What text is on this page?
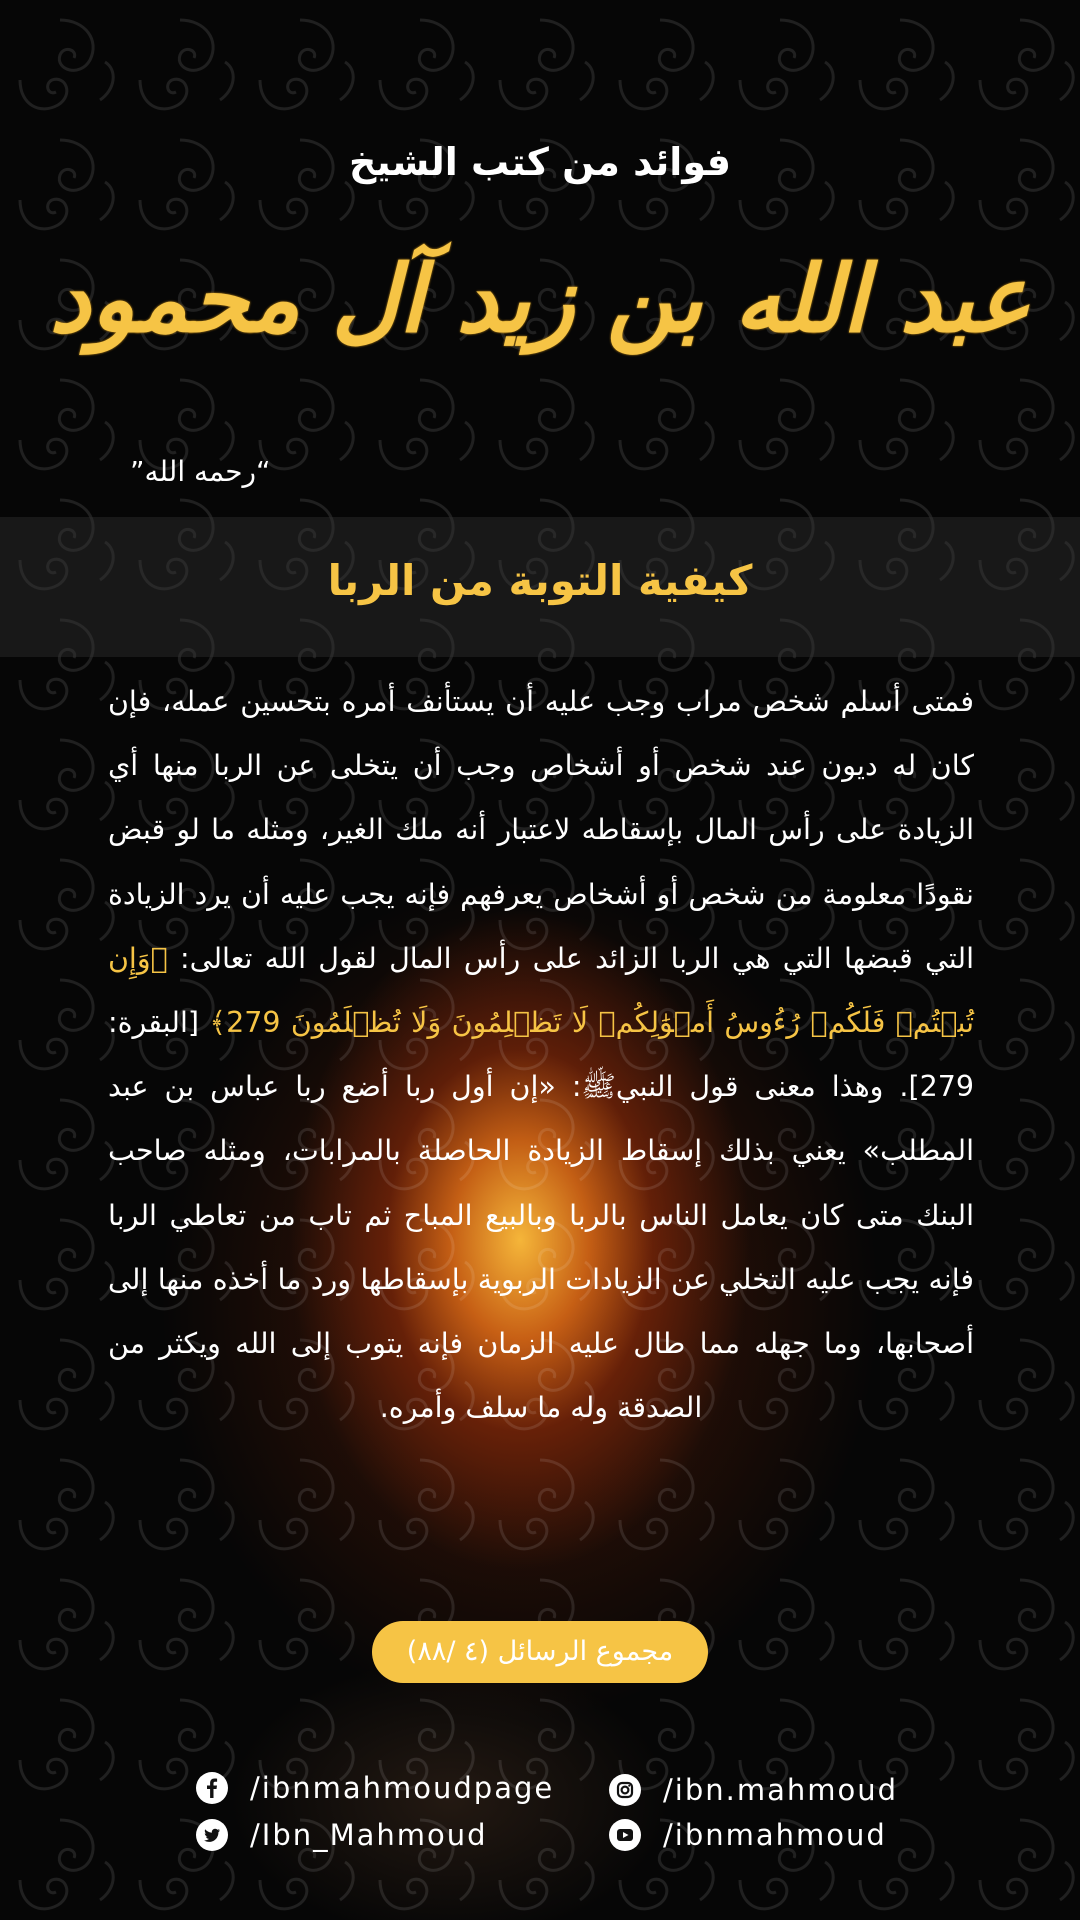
فوائد من كتب الشيخ
عبد الله بن زيد آل محمود
”رحمه الله“
كيفية التوبة من الربا
فمتى أسلم شخص مراب وجب عليه أن يستأنف أمره بتحسين عمله، فإن كان له ديون عند شخص أو أشخاص وجب أن يتخلى عن الربا منها أي الزيادة على رأس المال بإسقاطه لاعتبار أنه ملك الغير، ومثله ما لو قبض نقودًا معلومة من شخص أو أشخاص يعرفهم فإنه يجب عليه أن يرد الزيادة التي قبضها التي هي الربا الزائد على رأس المال لقول الله تعالى: ﴿وَإِن تُبۡتُمۡ فَلَكُمۡ رُءُوسُ أَمۡوَٰلِكُمۡ لَا تَظۡلِمُونَ وَلَا تُظۡلَمُونَ 279﴾ [البقرة: 279]. وهذا معنى قول النبيﷺ: «إن أول ربا أضع ربا عباس بن عبد المطلب» يعني بذلك إسقاط الزيادة الحاصلة بالمرابات، ومثله صاحب البنك متى كان يعامل الناس بالربا وبالبيع المباح ثم تاب من تعاطي الربا فإنه يجب عليه التخلي عن الزيادات الربوية بإسقاطها ورد ما أخذه منها إلى أصحابها، وما جهله مما طال عليه الزمان فإنه يتوب إلى الله ويكثر من الصدقة وله ما سلف وأمره.
مجموع الرسائل (٤ /٨٨)
/ibnmahmoudpage
/Ibn_Mahmoud
/ibn.mahmoud
/ibnmahmoud
